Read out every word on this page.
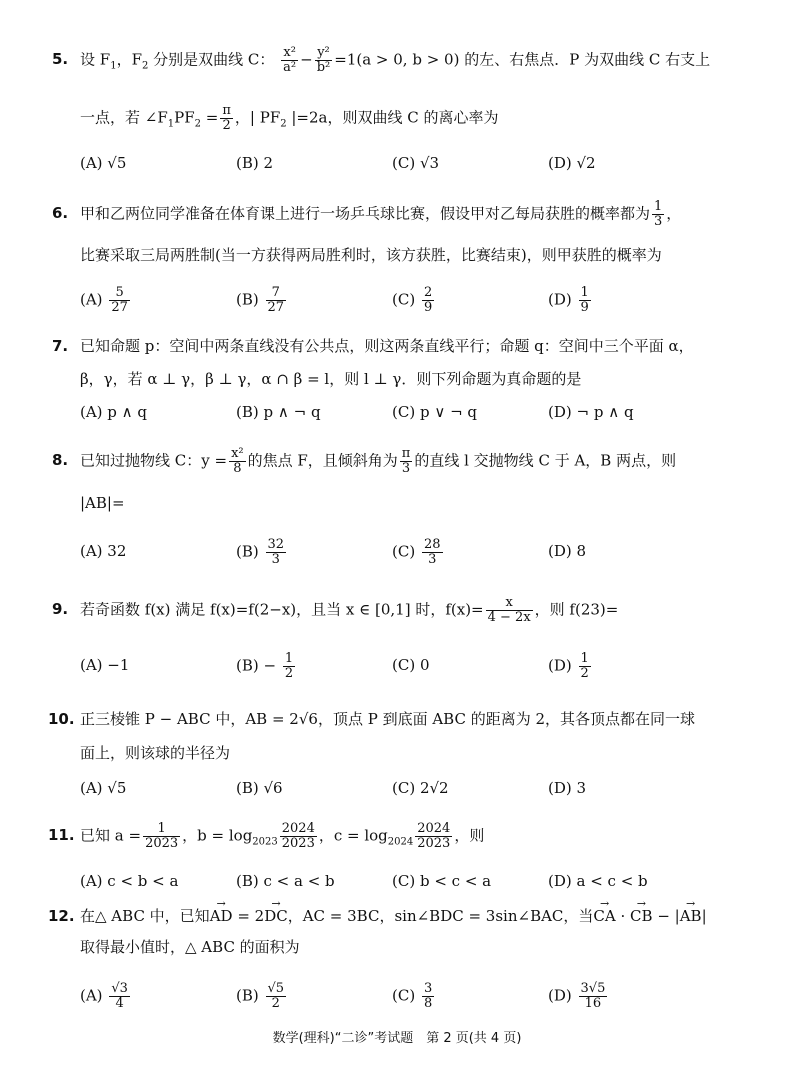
5. 设 $F_1$，$F_2$ 分别是双曲线 C： $\frac{\text{x²}}{\text{a²}} - \frac{\text{y²}}{\text{b²}} =1(a > 0$, b > 0) 的左、右焦点．P 为双曲线 C 右支上
一点，若 $\angle F_1PF_2 = \frac{\pi}{2}$ ，| $PF_2$ |=2a，则双曲线 C 的离心率为
(A) √5	(B) 2	(C) √3	(D) √2
6. 甲和乙两位同学准备在体育课上进行一场乒乓球比赛，假设甲对乙每局获胜的概率都为 $\frac{1}{3}$ ，
比赛采取三局两胜制(当一方获得两局胜利时，该方获胜，比赛结束)，则甲获胜的概率为
$(A) \frac{5}{27}$	$(B) \frac{7}{27}$	$(C) \frac{2}{9}$	$(D) \frac{1}{9}$
7. 已知命题 p：空间中两条直线没有公共点，则这两条直线平行；命题 q：空间中三个平面 α，
β，γ，若 α ⊥ γ，β ⊥ γ，α ∩ β = l，则 l ⊥ γ．则下列命题为真命题的是
(A) p ∧ q	(B) p ∧ ¬ q	(C) p ∨ ¬ q	(D) ¬ p ∧ q
8. 已知过抛物线 C：$y = \frac{\text{x²}}{8}$ 的焦点 F，且倾斜角为 $\frac{\pi}{3}$ 的直线 l 交抛物线 C 于 A，B 两点，则
|AB|=
(A) 32	$(B) \frac{32}{3}$	$(C) \frac{28}{3}$	(D) 8
9. 若奇函数 f(x) 满足 f(x)=f(2−x)，且当 x ∈ [0,1] 时，$f(x)= \frac{x}{4 - 2x}$ ，则 f(23)=
(A) −1	$(B) - \frac{1}{2}$	(C) 0	$(D) \frac{1}{2}$
10. 正三棱锥 P − ABC 中，AB = 2√6，顶点 P 到底面 ABC 的距离为 2，其各顶点都在同一球
面上，则该球的半径为
(A) √5	(B) √6	(C) 2√2	(D) 3
11. 已知 $a = \frac{1}{2023}$ ，$b = \log_{2023} \frac{2024}{2023}$ ，$c = \log_{2024} \frac{2024}{2023}$ ，则
(A) c < b < a	(B) c < a < b	(C) b < c < a	(D) a < c < b
12. 在△ ABC 中，已知→ AD = 2→ DC，AC = 3BC，sin∠BDC = 3sin∠BAC，当→ CA · → CB − |→ AB|
取得最小值时，△ ABC 的面积为
$(A) \frac{√3}{4}$	$(B) \frac{√5}{2}$	$(C) \frac{3}{8}$	$(D) \frac{3√5}{16}$
数学(理科)“二诊”考试题　第 2 页(共 4 页)
